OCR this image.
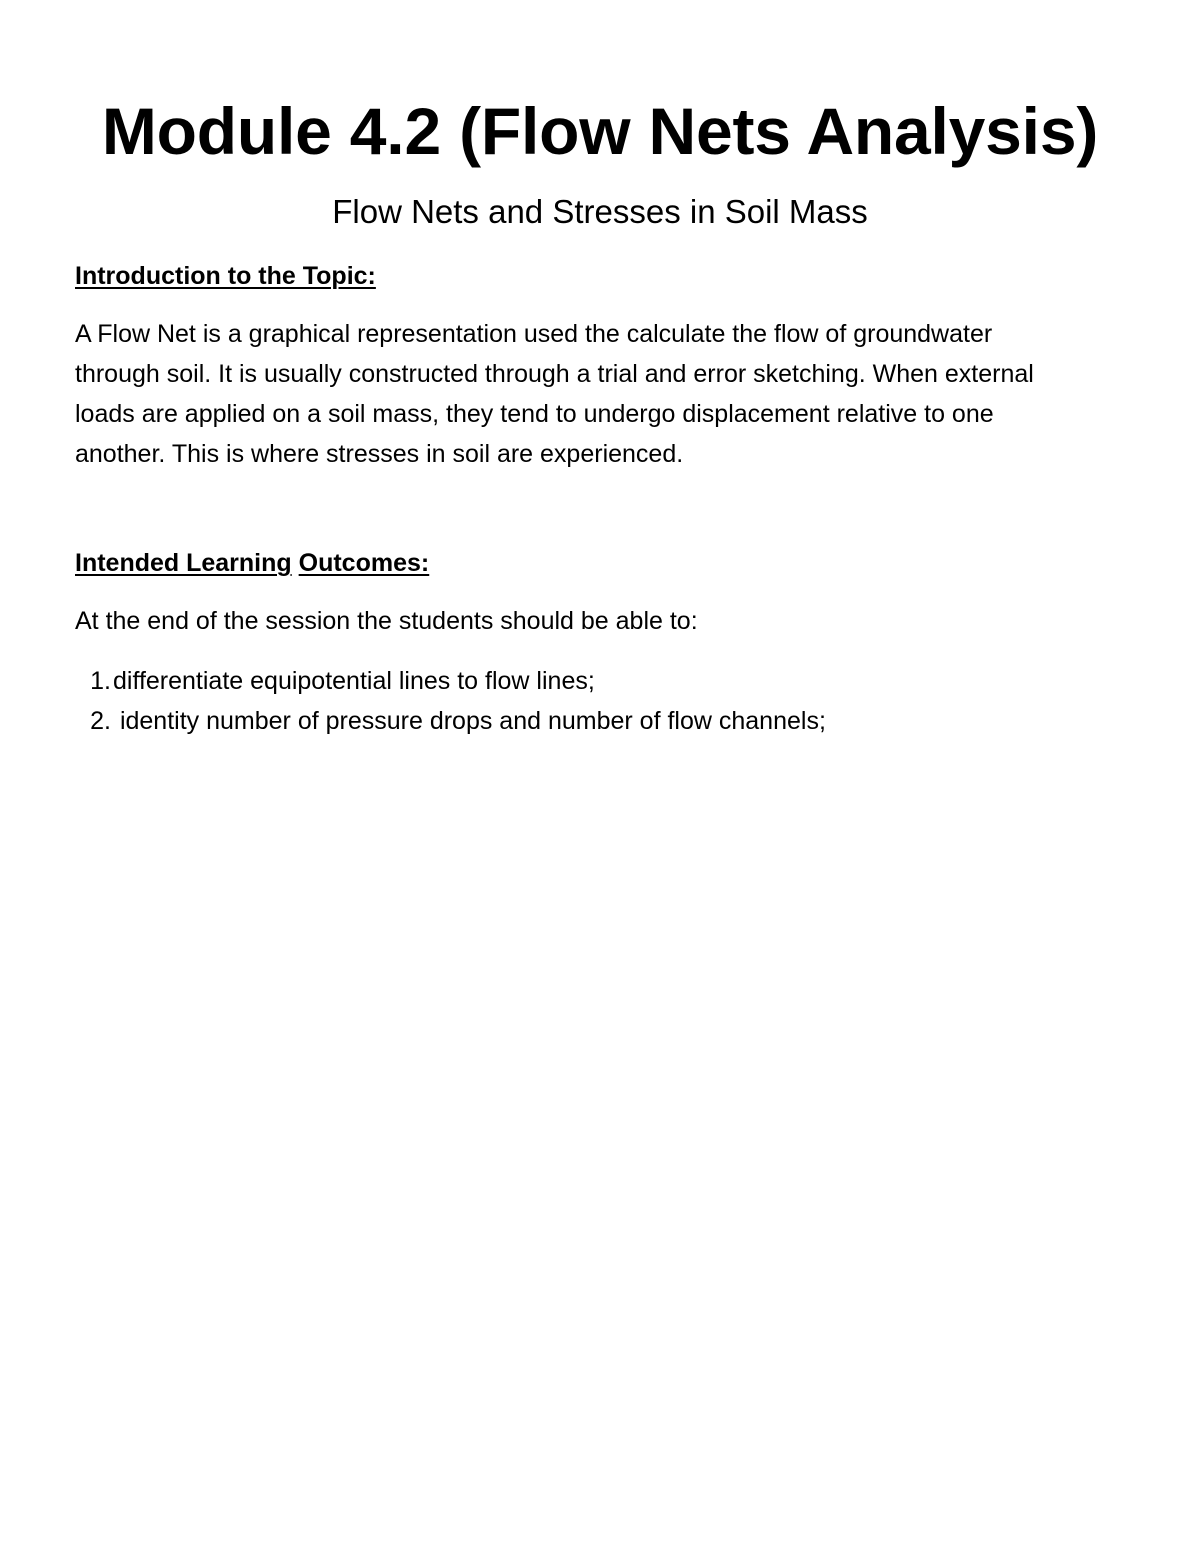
Module 4.2 (Flow Nets Analysis)
Flow Nets and Stresses in Soil Mass
Introduction to the Topic:
A Flow Net is a graphical representation used the calculate the flow of groundwater
through soil. It is usually constructed through a trial and error sketching. When external
loads are applied on a soil mass, they tend to undergo displacement relative to one
another. This is where stresses in soil are experienced.
Intended Learning Outcomes:
At the end of the session the students should be able to:
1.differentiate equipotential lines to flow lines;
2. identity number of pressure drops and number of flow channels;
